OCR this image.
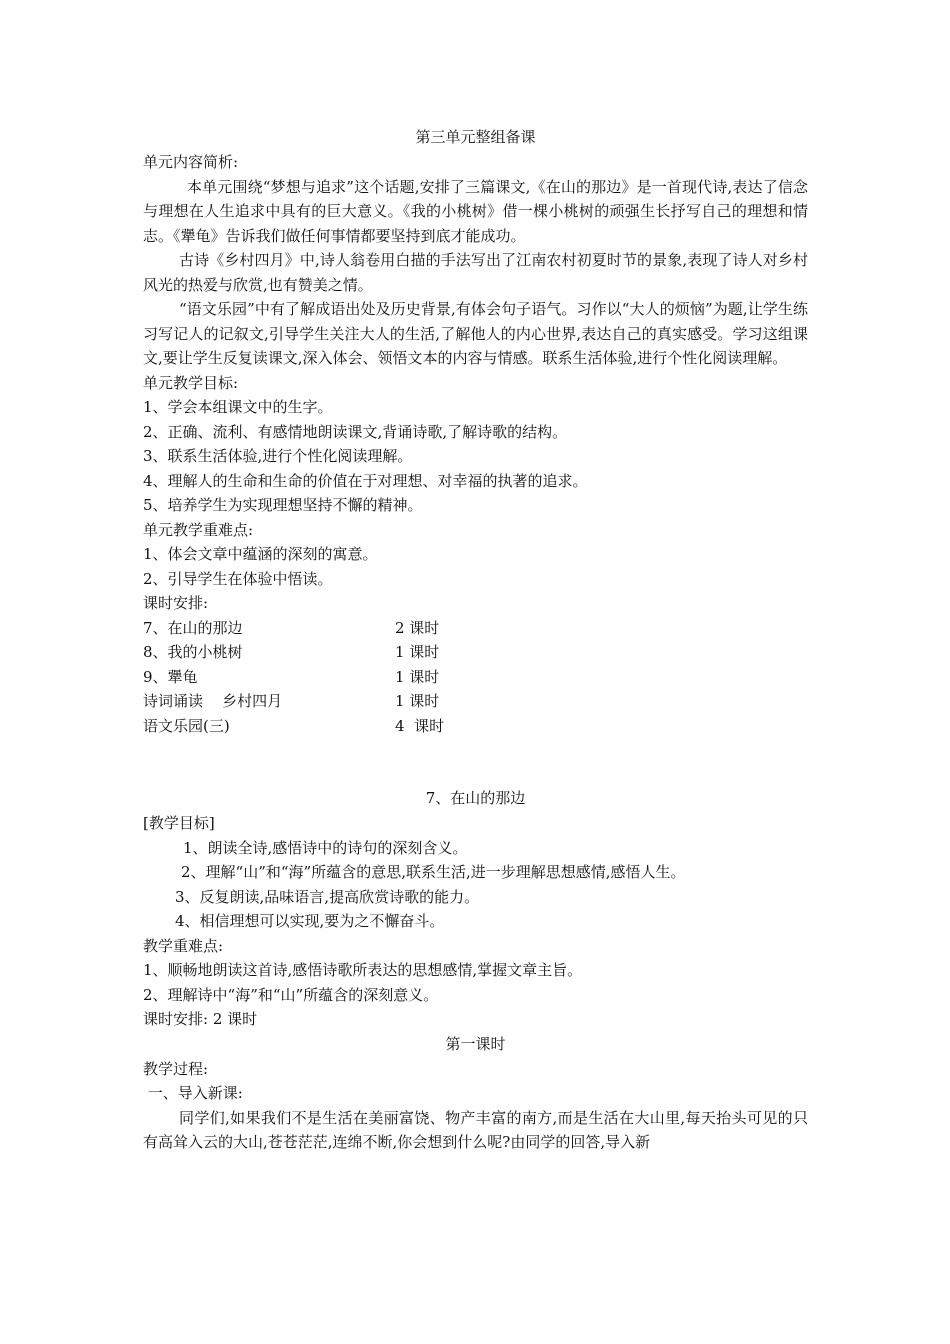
第三单元整组备课
单元内容简析:

本单元围绕“梦想与追求”这个话题,安排了三篇课文,《在山的那边》是一首现代诗,表达了信念与理想在人生追求中具有的巨大意义。《我的小桃树》借一棵小桃树的顽强生长抒写自己的理想和情志。《犟龟》告诉我们做任何事情都要坚持到底才能成功。

古诗《乡村四月》中,诗人翁卷用白描的手法写出了江南农村初夏时节的景象,表现了诗人对乡村风光的热爱与欣赏,也有赞美之情。

“语文乐园”中有了解成语出处及历史背景,有体会句子语气。习作以“大人的烦恼”为题,让学生练习写记人的记叙文,引导学生关注大人的生活,了解他人的内心世界,表达自己的真实感受。学习这组课文,要让学生反复读课文,深入体会、领悟文本的内容与情感。联系生活体验,进行个性化阅读理解。

单元教学目标:
1、学会本组课文中的生字。
2、正确、流利、有感情地朗读课文,背诵诗歌,了解诗歌的结构。
3、联系生活体验,进行个性化阅读理解。
4、理解人的生命和生命的价值在于对理想、对幸福的执著的追求。
5、培养学生为实现理想坚持不懈的精神。
单元教学重难点:
1、体会文章中蕴涵的深刻的寓意。
2、引导学生在体验中悟读。
课时安排:
7、在山的那边	2 课时
8、我的小桃树	1 课时
9、犟龟	1 课时
诗词诵读    乡村四月	1 课时
语文乐园(三)	4  课时
7、在山的那边
[教学目标]
1、朗读全诗,感悟诗中的诗句的深刻含义。
2、理解“山”和“海”所蕴含的意思,联系生活,进一步理解思想感情,感悟人生。
3、反复朗读,品味语言,提高欣赏诗歌的能力。
4、相信理想可以实现,要为之不懈奋斗。
教学重难点:
1、顺畅地朗读这首诗,感悟诗歌所表达的思想感情,掌握文章主旨。
2、理解诗中“海”和“山”所蕴含的深刻意义。
课时安排: 2 课时
第一课时
教学过程:
一、导入新课:

同学们,如果我们不是生活在美丽富饶、物产丰富的南方,而是生活在大山里,每天抬头可见的只有高耸入云的大山,苍苍茫茫,连绵不断,你会想到什么呢?由同学的回答,导入新
